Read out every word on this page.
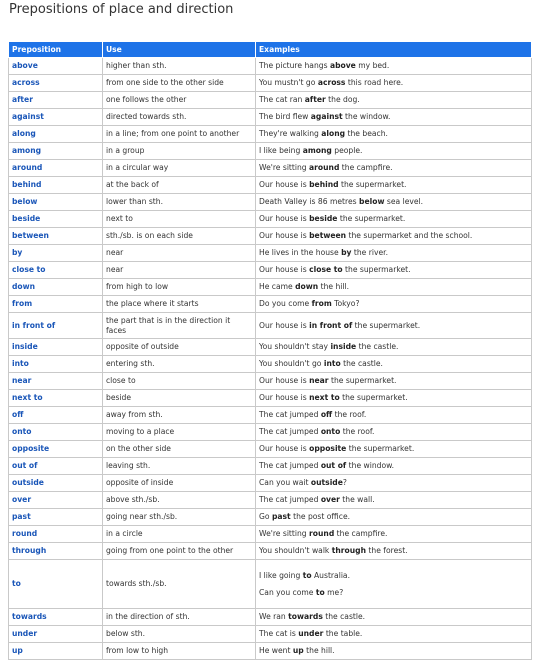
Prepositions of place and direction
Preposition	Use	Examples
above	higher than sth.	The picture hangs above my bed.

across	from one side to the other side	You mustn't go across this road here.

after	one follows the other	The cat ran after the dog.

against	directed towards sth.	The bird flew against the window.

along	in a line; from one point to another	They're walking along the beach.

among	in a group	I like being among people.

around	in a circular way	We're sitting around the campfire.

behind	at the back of	Our house is behind the supermarket.

below	lower than sth.	Death Valley is 86 metres below sea level.

beside	next to	Our house is beside the supermarket.

between	sth./sb. is on each side	Our house is between the supermarket and the school.

by	near	He lives in the house by the river.

close to	near	Our house is close to the supermarket.

down	from high to low	He came down the hill.

from	the place where it starts	Do you come from Tokyo?

in front of	the part that is in the direction it faces	Our house is in front of the supermarket.

inside	opposite of outside	You shouldn't stay inside the castle.

into	entering sth.	You shouldn't go into the castle.

near	close to	Our house is near the supermarket.

next to	beside	Our house is next to the supermarket.

off	away from sth.	The cat jumped off the roof.

onto	moving to a place	The cat jumped onto the roof.

opposite	on the other side	Our house is opposite the supermarket.

out of	leaving sth.	The cat jumped out of the window.

outside	opposite of inside	Can you wait outside?

over	above sth./sb.	The cat jumped over the wall.

past	going near sth./sb.	Go past the post office.

round	in a circle	We're sitting round the campfire.

through	going from one point to the other	You shouldn't walk through the forest.

to	towards sth./sb.	I like going to Australia.
Can you come to me?

towards	in the direction of sth.	We ran towards the castle.

under	below sth.	The cat is under the table.

up	from low to high	He went up the hill.
